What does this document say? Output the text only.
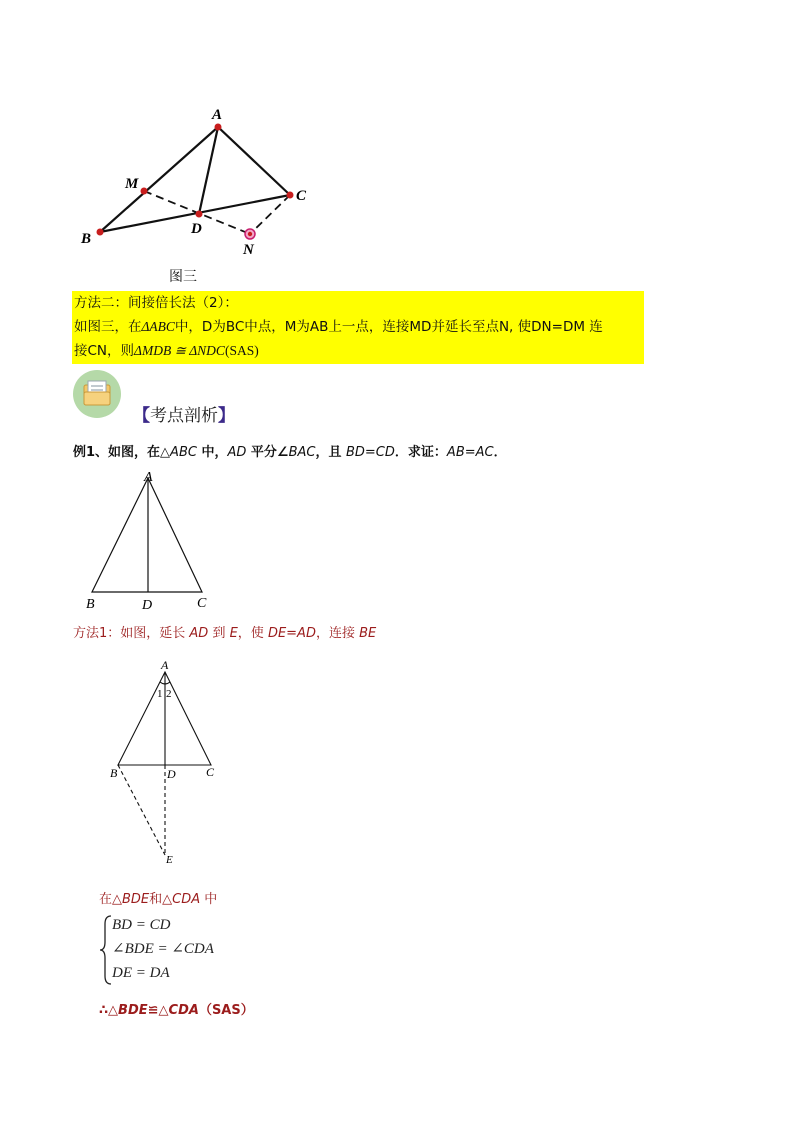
A
M
C
B
D
N
图三
方法二：间接倍长法（2）：
如图三，在ΔABC中，D为BC中点，M为AB上一点，连接MD并延长至点N, 使DN=DM 连
接CN，则ΔMDB ≅ ΔNDC(SAS)
【考点剖析】
例1、如图，在△ABC 中，AD 平分∠BAC，且 BD=CD．求证：AB=AC．
A
B	D	C
方法1：如图，延长 AD 到 E，使 DE=AD，连接 BE
A
1 2
B	D	C
E
在△BDE和△CDA 中
BD = CD
∠BDE = ∠CDA
DE = DA
∴△BDE≌△CDA（SAS）
